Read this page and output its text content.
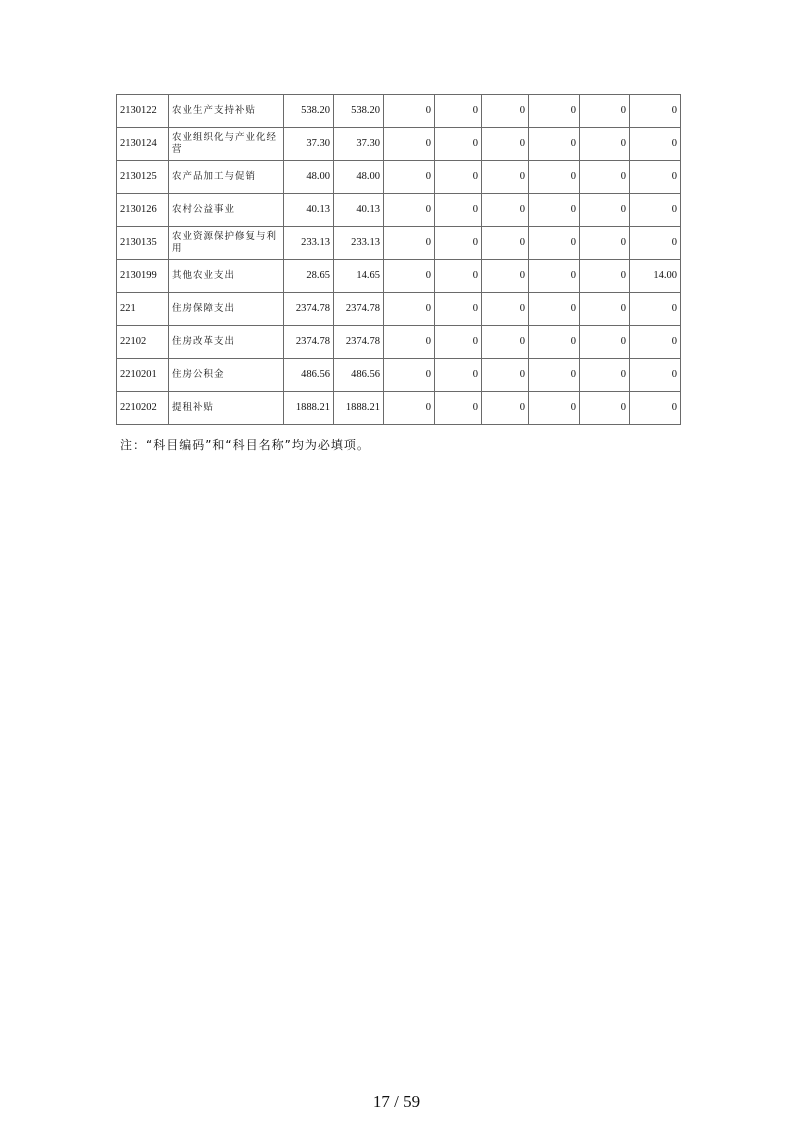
2130122	农业生产支持补贴	538.20	538.20	0	0	0	0	0	0
2130124	农业组织化与产业化经营	37.30	37.30	0	0	0	0	0	0
2130125	农产品加工与促销	48.00	48.00	0	0	0	0	0	0
2130126	农村公益事业	40.13	40.13	0	0	0	0	0	0
2130135	农业资源保护修复与利用	233.13	233.13	0	0	0	0	0	0
2130199	其他农业支出	28.65	14.65	0	0	0	0	0	14.00
221	住房保障支出	2374.78	2374.78	0	0	0	0	0	0
22102	住房改革支出	2374.78	2374.78	0	0	0	0	0	0
2210201	住房公积金	486.56	486.56	0	0	0	0	0	0
2210202	提租补贴	1888.21	1888.21	0	0	0	0	0	0
注：“科目编码”和“科目名称”均为必填项。
17 / 59
